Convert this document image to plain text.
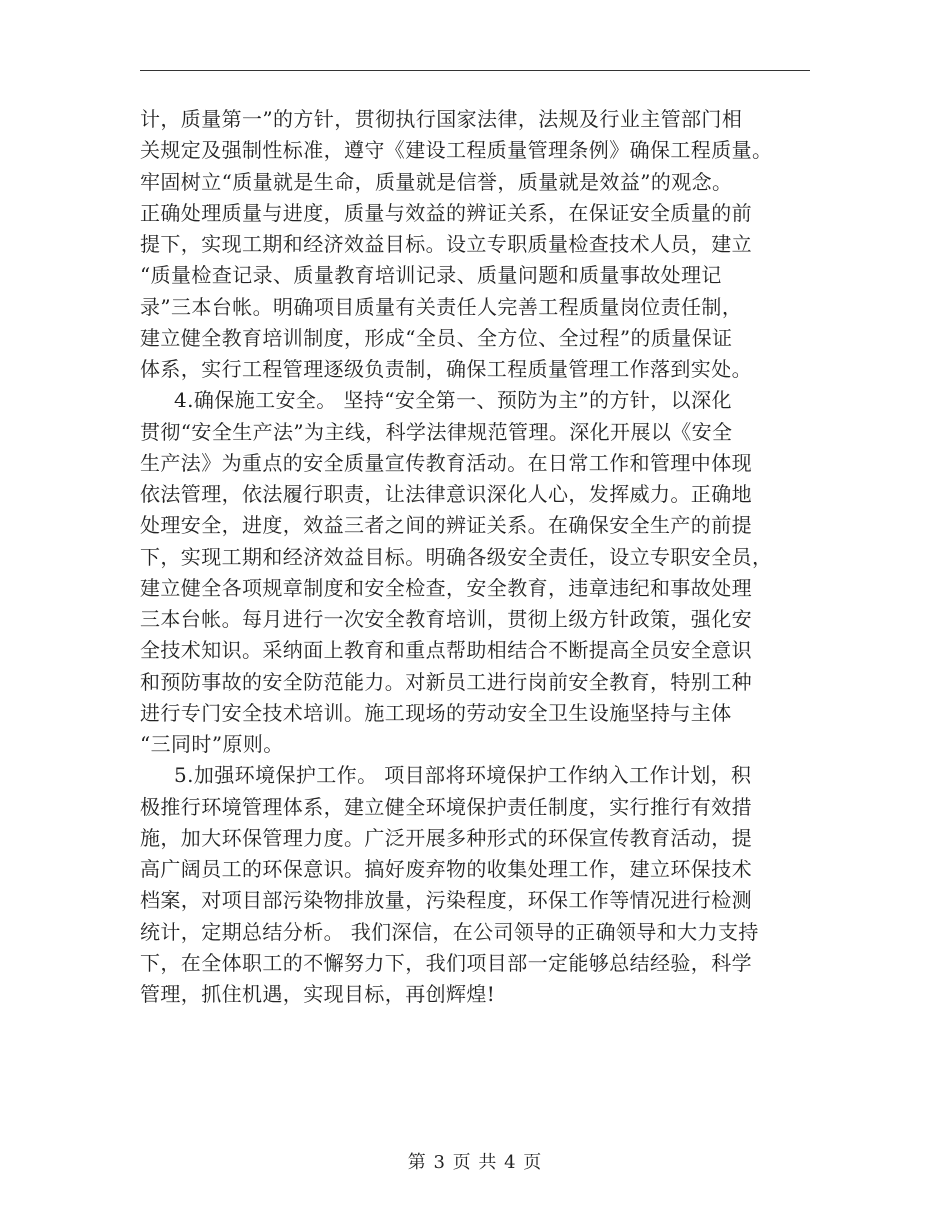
计，质量第一”的方针，贯彻执行国家法律，法规及行业主管部门相
关规定及强制性标准，遵守《建设工程质量管理条例》确保工程质量。
牢固树立“质量就是生命，质量就是信誉，质量就是效益”的观念。
正确处理质量与进度，质量与效益的辨证关系，在保证安全质量的前
提下，实现工期和经济效益目标。设立专职质量检查技术人员，建立
“质量检查记录、质量教育培训记录、质量问题和质量事故处理记
录”三本台帐。明确项目质量有关责任人完善工程质量岗位责任制，
建立健全教育培训制度，形成“全员、全方位、全过程”的质量保证
体系，实行工程管理逐级负责制，确保工程质量管理工作落到实处。
4.确保施工安全。 坚持“安全第一、预防为主”的方针，以深化
贯彻“安全生产法”为主线，科学法律规范管理。深化开展以《安全
生产法》为重点的安全质量宣传教育活动。在日常工作和管理中体现
依法管理，依法履行职责，让法律意识深化人心，发挥威力。正确地
处理安全，进度，效益三者之间的辨证关系。在确保安全生产的前提
下，实现工期和经济效益目标。明确各级安全责任，设立专职安全员，
建立健全各项规章制度和安全检查，安全教育，违章违纪和事故处理
三本台帐。每月进行一次安全教育培训，贯彻上级方针政策，强化安
全技术知识。采纳面上教育和重点帮助相结合不断提高全员安全意识
和预防事故的安全防范能力。对新员工进行岗前安全教育，特别工种
进行专门安全技术培训。施工现场的劳动安全卫生设施坚持与主体
“三同时”原则。
5.加强环境保护工作。 项目部将环境保护工作纳入工作计划，积
极推行环境管理体系，建立健全环境保护责任制度，实行推行有效措
施，加大环保管理力度。广泛开展多种形式的环保宣传教育活动，提
高广阔员工的环保意识。搞好废弃物的收集处理工作，建立环保技术
档案，对项目部污染物排放量，污染程度，环保工作等情况进行检测
统计，定期总结分析。 我们深信，在公司领导的正确领导和大力支持
下，在全体职工的不懈努力下，我们项目部一定能够总结经验，科学
管理，抓住机遇，实现目标，再创辉煌!
第 3 页 共 4 页
